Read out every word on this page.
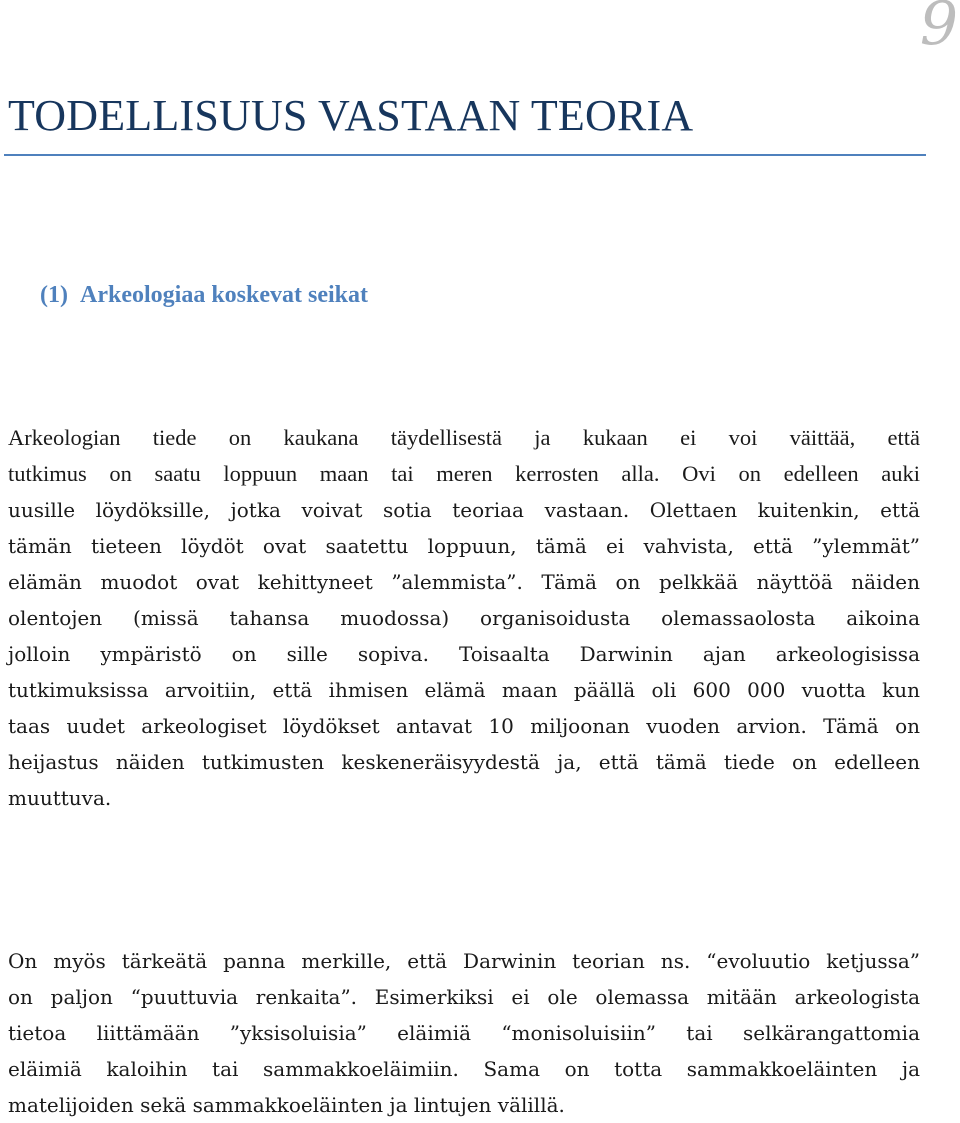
9
TODELLISUUS VASTAAN TEORIA
(1) Arkeologiaa koskevat seikat
Arkeologian tiede on kaukana täydellisestä ja kukaan ei voi väittää, että
tutkimus on saatu loppuun maan tai meren kerrosten alla. Ovi on edelleen auki
uusille löydöksille, jotka voivat sotia teoriaa vastaan. Olettaen kuitenkin, että
tämän tieteen löydöt ovat saatettu loppuun, tämä ei vahvista, että ”ylemmät”
elämän muodot ovat kehittyneet ”alemmista”. Tämä on pelkkää näyttöä näiden
olentojen (missä tahansa muodossa) organisoidusta olemassaolosta aikoina
jolloin ympäristö on sille sopiva. Toisaalta Darwinin ajan arkeologisissa
tutkimuksissa arvoitiin, että ihmisen elämä maan päällä oli 600 000 vuotta kun
taas uudet arkeologiset löydökset antavat 10 miljoonan vuoden arvion. Tämä on
heijastus näiden tutkimusten keskeneräisyydestä ja, että tämä tiede on edelleen
muuttuva.
On myös tärkeätä panna merkille, että Darwinin teorian ns. “evoluutio ketjussa”
on paljon “puuttuvia renkaita”. Esimerkiksi ei ole olemassa mitään arkeologista
tietoa liittämään ”yksisoluisia” eläimiä “monisoluisiin” tai selkärangattomia
eläimiä kaloihin tai sammakkoeläimiin. Sama on totta sammakkoeläinten ja
matelijoiden sekä sammakkoeläinten ja lintujen välillä.
